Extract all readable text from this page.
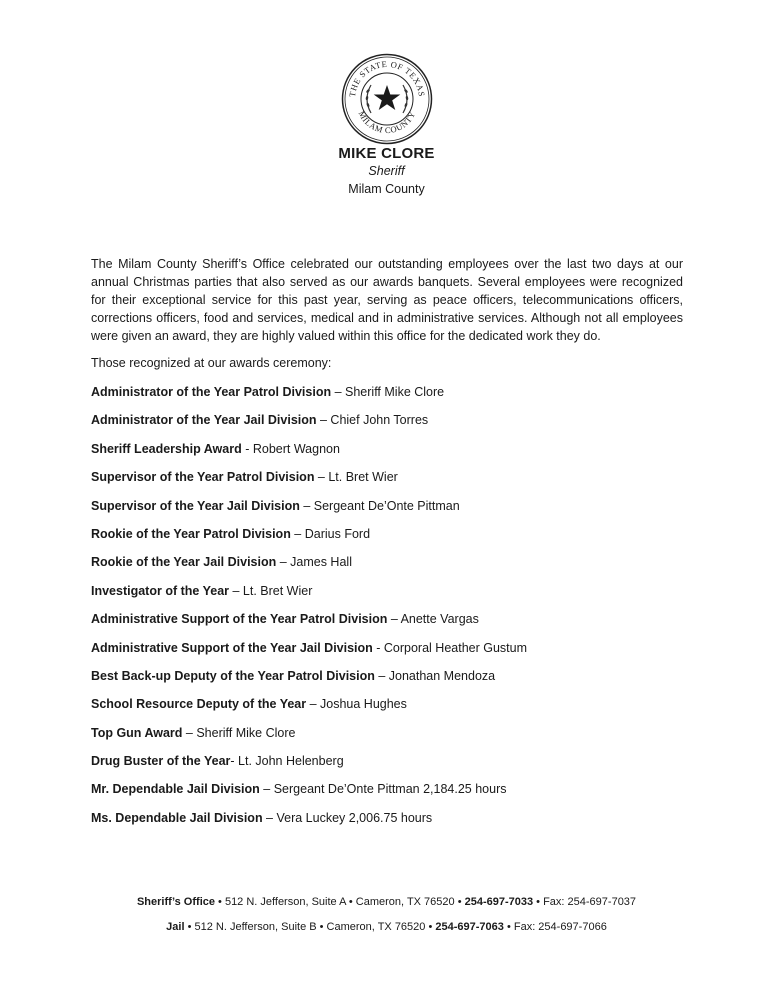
THE STATE OF TEXAS
MILAM COUNTY
MIKE CLORE
Sheriff
Milam County

The Milam County Sheriff’s Office celebrated our outstanding employees over the last two days at our annual Christmas parties that also served as our awards banquets. Several employees were recognized for their exceptional service for this past year, serving as peace officers, telecommunications officers, corrections officers, food and services, medical and in administrative services. Although not all employees were given an award, they are highly valued within this office for the dedicated work they do.

Those recognized at our awards ceremony:

Administrator of the Year Patrol Division – Sheriff Mike Clore
Administrator of the Year Jail Division – Chief John Torres
Sheriff Leadership Award - Robert Wagnon
Supervisor of the Year Patrol Division – Lt. Bret Wier
Supervisor of the Year Jail Division – Sergeant De’Onte Pittman
Rookie of the Year Patrol Division – Darius Ford
Rookie of the Year Jail Division – James Hall
Investigator of the Year – Lt. Bret Wier
Administrative Support of the Year Patrol Division – Anette Vargas
Administrative Support of the Year Jail Division - Corporal Heather Gustum
Best Back-up Deputy of the Year Patrol Division – Jonathan Mendoza
School Resource Deputy of the Year – Joshua Hughes
Top Gun Award – Sheriff Mike Clore
Drug Buster of the Year- Lt. John Helenberg
Mr. Dependable Jail Division – Sergeant De’Onte Pittman 2,184.25 hours
Ms. Dependable Jail Division – Vera Luckey 2,006.75 hours
Sheriff’s Office • 512 N. Jefferson, Suite A • Cameron, TX 76520 • 254-697-7033 • Fax: 254-697-7037
Jail • 512 N. Jefferson, Suite B • Cameron, TX 76520 • 254-697-7063 • Fax: 254-697-7066
